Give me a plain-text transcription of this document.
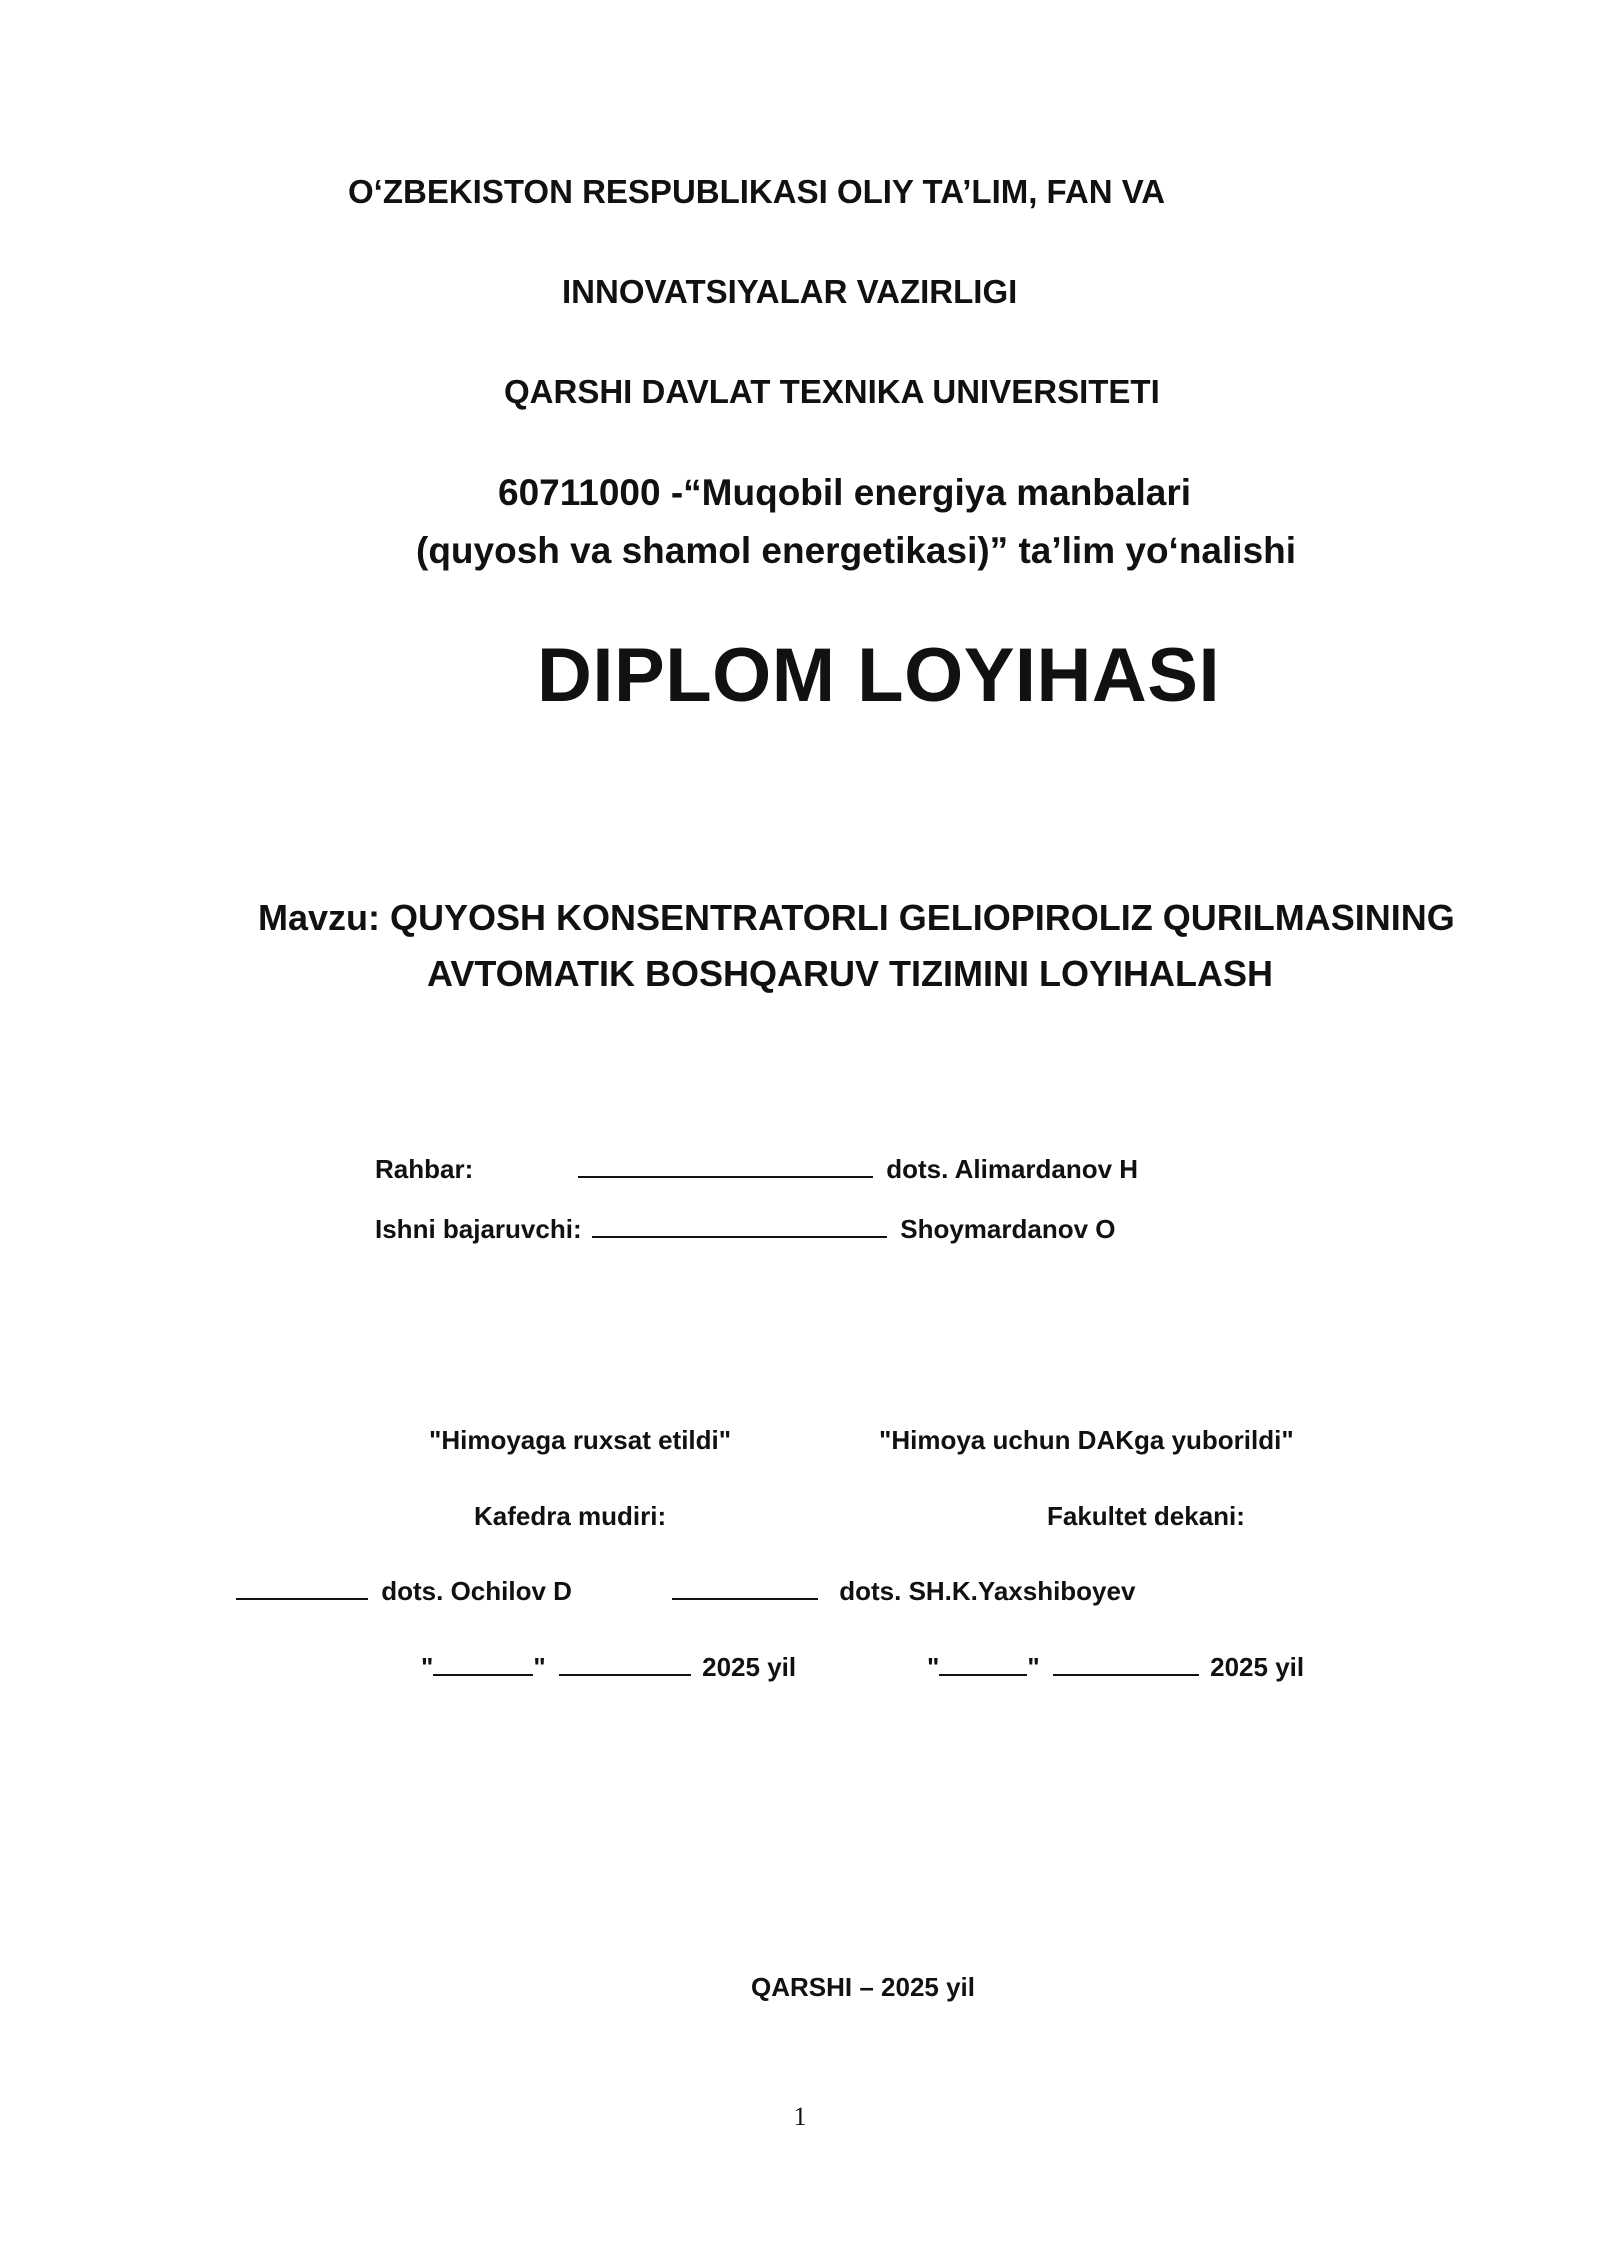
O‘ZBEKISTON RESPUBLIKASI OLIY TA’LIM, FAN VA
INNOVATSIYALAR VAZIRLIGI
QARSHI DAVLAT TEXNIKA UNIVERSITETI
60711000 -“Muqobil energiya manbalari
(quyosh va shamol energetikasi)” ta’lim yo‘nalishi
DIPLOM LOYIHASI
Mavzu: QUYOSH KONSENTRATORLI GELIOPIROLIZ QURILMASINING
AVTOMATIK BOSHQARUV TIZIMINI LOYIHALASH
Rahbar:	dots. Alimardanov H
Ishni bajaruvchi:	Shoymardanov O
"Himoyaga ruxsat etildi"	"Himoya uchun DAKga yuborildi"
Kafedra mudiri:	Fakultet dekani:
dots. Ochilov D	dots. SH.K.Yaxshiboyev
"	"	2025 yil	"	"	2025 yil
QARSHI – 2025 yil
1
